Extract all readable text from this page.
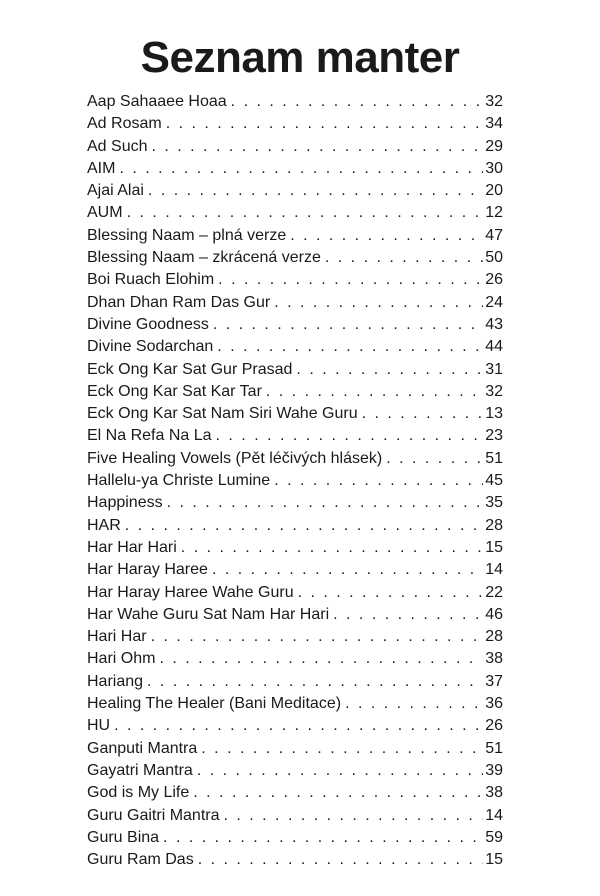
Seznam manter
Aap Sahaaee Hoaa . . .	32
Ad Rosam . . .	34
Ad Such . . .	29
AIM . . .	30
Ajai Alai . . .	20
AUM . . .	12
Blessing Naam – plná verze . . .	47
Blessing Naam – zkrácená verze . . .	50
Boi Ruach Elohim . . .	26
Dhan Dhan Ram Das Gur . . .	24
Divine Goodness . . .	43
Divine Sodarchan . . .	44
Eck Ong Kar Sat Gur Prasad . . .	31
Eck Ong Kar Sat Kar Tar . . .	32
Eck Ong Kar Sat Nam Siri Wahe Guru . . .	13
El Na Refa Na La . . .	23
Five Healing Vowels (Pět léčivých hlásek) . . .	51
Hallelu-ya Christe Lumine . . .	45
Happiness . . .	35
HAR . . .	28
Har Har Hari . . .	15
Har Haray Haree . . .	14
Har Haray Haree Wahe Guru . . .	22
Har Wahe Guru Sat Nam Har Hari . . .	46
Hari Har . . .	28
Hari Ohm . . .	38
Hariang . . .	37
Healing The Healer (Bani Meditace) . . .	36
HU . . .	26
Ganputi Mantra . . .	51
Gayatri Mantra . . .	39
God is My Life . . .	38
Guru Gaitri Mantra . . .	14
Guru Bina . . .	59
Guru Ram Das . . .	15
